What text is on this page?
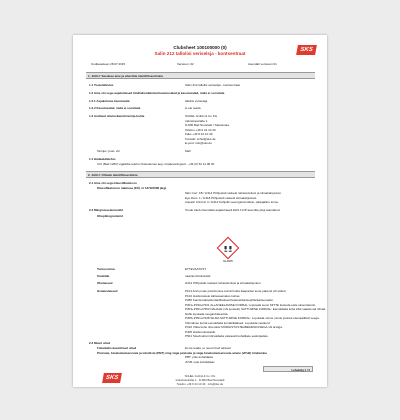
Clubsheet 100100000 (0)
Salin 212 tallolisi veriselsja - kontsentraat
SKS
Uudiseasteen 28.07.2015	Versioon: 02	Asendab versiooni 01
1. JAGU: Seeduse aine ja ettevõtte identifitseerimine
1.1 Tootetähistus	Salin 212 tallolisi veriselsja - kontsentraat
1.2 Aine või segu asjakohased kindlaksmääratud kasutusalad ja kasutusalad, mida ei soovitata
1.2.1 Asjakohane kasutusala	tallolisi veriselsja
1.2.2 Kasutusalad, mida ei soovitata	ei ole teada
1.3 Andmed ohutuskaardi tarnija kohta	SCHEL GmbH & Co KG
Industriestraße 1
D-800 Bad Neustadt / Saksamaa
Telefon +49 9 44 10 40
Faks +49 9 44 10 49
Kontakt: schel@sks.de
E-post: info@sks.de
Tarnija / post- või	Mall
1.4 Hädaabitelefon
CCI (Bad 1260) vigatiidte telefon Kasutamise aeg: ööpäevaringselt - +49 (0) 52 11 08 00
2. JAGU: Ohtude identifitseerimine
2.1 Aine või segu klassifikatsioon
Klassifikatsioon määruse (EÜ) nr 1272/2008 järgi
Skin Corr. 1B / H314 Põhjustab raskeid nahasöövitusi ja silmakahjustusi.
Eye Dam. 1 / H318 Põhjustab raskeid silmakahjustusi.
Aquatic Chronic 3 / H412 Kahjulik veeorganismidele, pikaajaline toime.
2.2 Märgistuselemendid	Toode tuleb ühendada asjakohaselt EHS 1C/P asendite järgi taandatud.
Ohupiktogrammid
GHS05
Tunnussõna	ETTEVAATUST
Sisaldab	naatriumhüdroksiid
Ohulaused	H314 Põhjustab raskeid nahasöövitusi ja silmakahjustusi.
Hoiatuslaused	P101 Arsti poole pöördumise korral hoida käepärast toote pakend või etikett.
P102 Hoida lastele kättesaamatus kohas.
P280 Kanda kaitsekindaid/kaitserõivastust/kaitseprille/kaitsemaski.
P301+P330+P331 ALLANEELAMISE KORRAL: loputada suud. MITTE kutsuda esile oksendamist.
P303+P361+P353 NAHALE (või juustele) SATTUMISE KORRAL: Eemaldada kohe kõik saastunud rõivad.
Nahk loputada veega/dušeerida.
P305+P351+P338 SILMA SATTUMISE KORRAL: Loputada mitme minuti jooksul ettevaatlikult veega.
Võimaluse korral eemaldada kontaktläätsed. Loputada veelkord.
P310 Võtta kohe ühendust MÜRGISTUSTEABEKESKUSEGA või arstiga.
P405 Hoida lukustatult.
P501 Sisu/mahuti kõrvaldada vastavalt kohalikele eeskirjadele.
2.3 Muud ohud
Füüsikalis-keemilised ohud	Ei ole teada, et need ohud tekivad.
Püsivate, bioakumuleeruvate ja toksiliste (PBT) ning väga püsivate ja väga bioakumuleeruvate ainete (vPvB) hindamine
PBT: pole kohaldatav
vPvB: pole kohaldatav
Lehekülg 1 / 5
SKS	SCHEL GmbH & Co. KG
Industriestraße 1 · D-800 Bad Neustadt
Telefon +49 9 44 10 40 · info@sks.de
